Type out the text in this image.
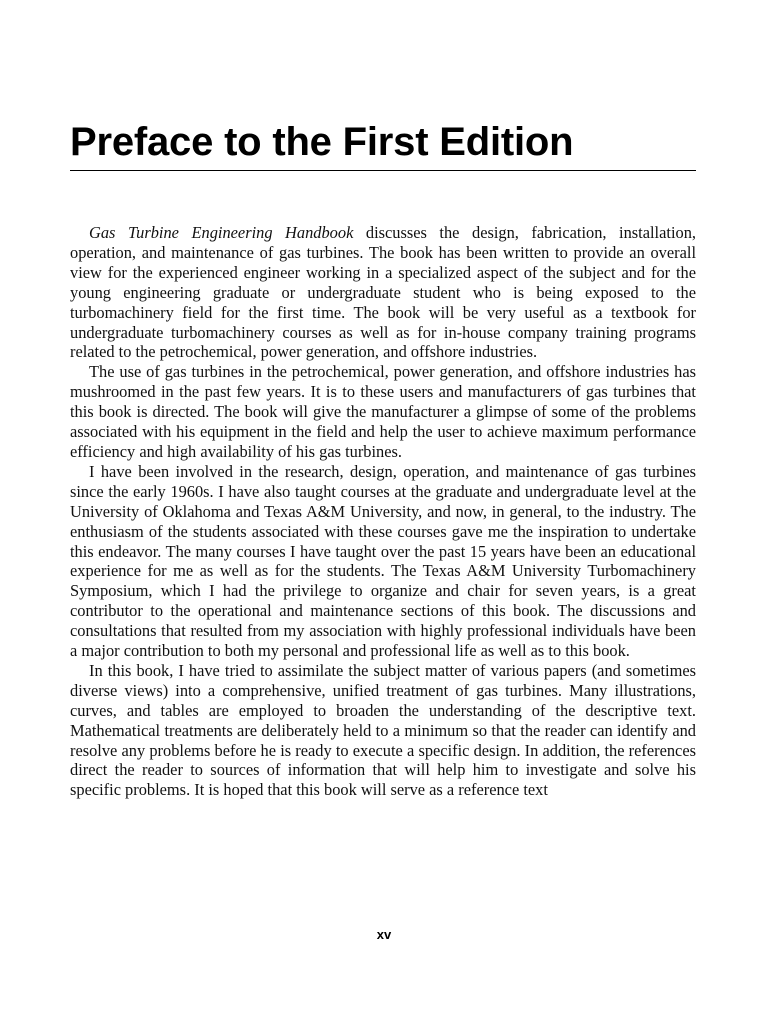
Preface to the First Edition

Gas Turbine Engineering Handbook discusses the design, fabrication, installation, operation, and maintenance of gas turbines. The book has been written to provide an overall view for the experienced engineer working in a specialized aspect of the subject and for the young engineering graduate or undergraduate student who is being exposed to the turbomachinery field for the first time. The book will be very useful as a textbook for undergraduate turbomachinery courses as well as for in-house company training programs related to the petrochemical, power generation, and offshore industries.

The use of gas turbines in the petrochemical, power generation, and offshore industries has mushroomed in the past few years. It is to these users and manufacturers of gas turbines that this book is directed. The book will give the manufacturer a glimpse of some of the problems associated with his equipment in the field and help the user to achieve maximum performance efficiency and high availability of his gas turbines.

I have been involved in the research, design, operation, and maintenance of gas turbines since the early 1960s. I have also taught courses at the graduate and undergraduate level at the University of Oklahoma and Texas A&M University, and now, in general, to the industry. The enthusiasm of the students associated with these courses gave me the inspiration to undertake this endeavor. The many courses I have taught over the past 15 years have been an educational experience for me as well as for the students. The Texas A&M University Turbomachinery Symposium, which I had the privilege to organize and chair for seven years, is a great contributor to the operational and maintenance sections of this book. The discussions and consultations that resulted from my association with highly professional individuals have been a major contribution to both my personal and professional life as well as to this book.

In this book, I have tried to assimilate the subject matter of various papers (and sometimes diverse views) into a comprehensive, unified treatment of gas turbines. Many illustrations, curves, and tables are employed to broaden the understanding of the descriptive text. Mathematical treatments are deliberately held to a minimum so that the reader can identify and resolve any problems before he is ready to execute a specific design. In addition, the references direct the reader to sources of information that will help him to investigate and solve his specific problems. It is hoped that this book will serve as a reference text

xv
